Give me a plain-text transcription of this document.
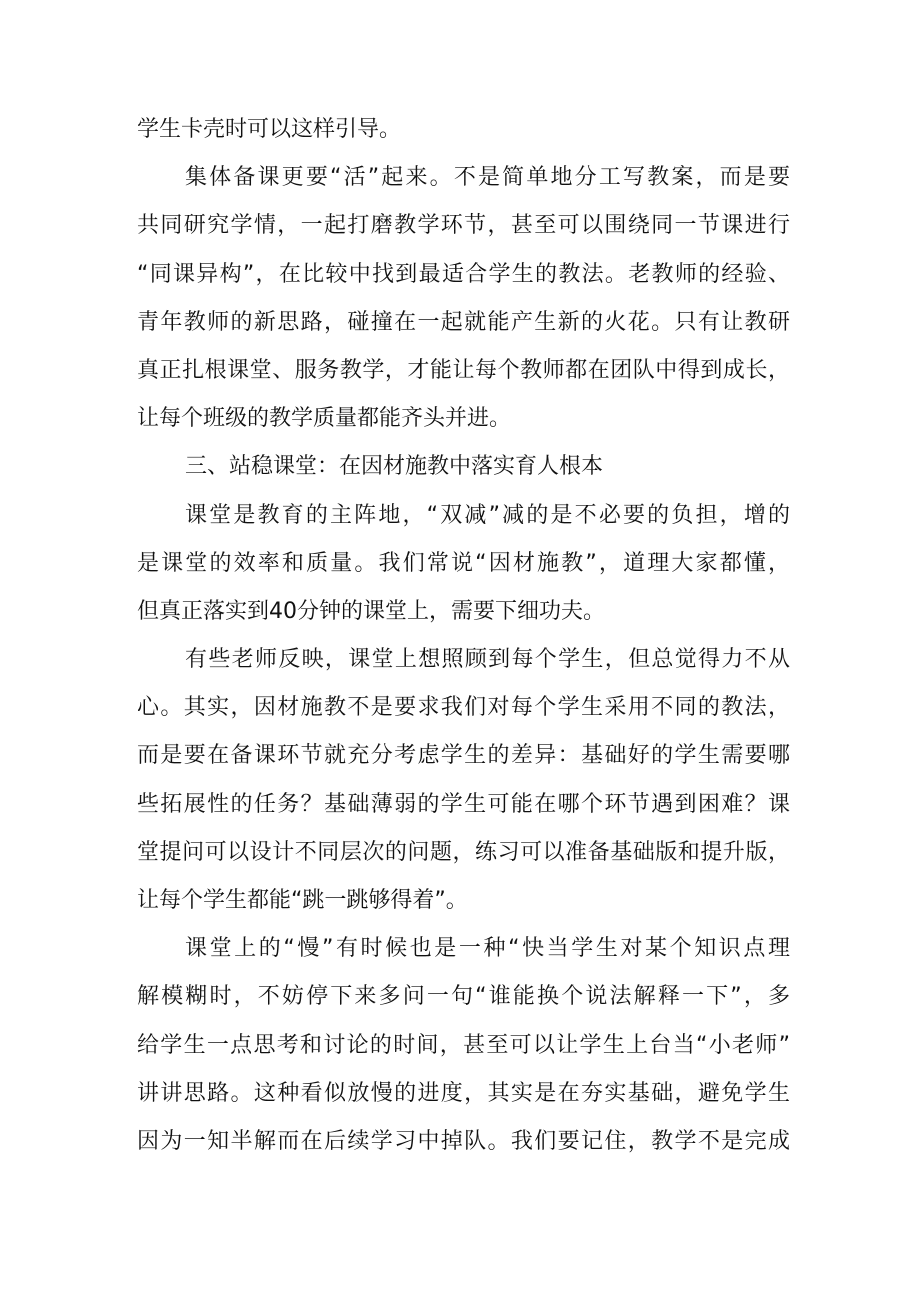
学生卡壳时可以这样引导。
集体备课更要“活”起来。不是简单地分工写教案，而是要
共同研究学情，一起打磨教学环节，甚至可以围绕同一节课进行
“同课异构”，在比较中找到最适合学生的教法。老教师的经验、
青年教师的新思路，碰撞在一起就能产生新的火花。只有让教研
真正扎根课堂、服务教学，才能让每个教师都在团队中得到成长，
让每个班级的教学质量都能齐头并进。
三、站稳课堂：在因材施教中落实育人根本
课堂是教育的主阵地，“双减”减的是不必要的负担，增的
是课堂的效率和质量。我们常说“因材施教”，道理大家都懂，
但真正落实到40分钟的课堂上，需要下细功夫。
有些老师反映，课堂上想照顾到每个学生，但总觉得力不从
心。其实，因材施教不是要求我们对每个学生采用不同的教法，
而是要在备课环节就充分考虑学生的差异：基础好的学生需要哪
些拓展性的任务？基础薄弱的学生可能在哪个环节遇到困难？课
堂提问可以设计不同层次的问题，练习可以准备基础版和提升版，
让每个学生都能“跳一跳够得着”。
课堂上的“慢”有时候也是一种“快当学生对某个知识点理
解模糊时，不妨停下来多问一句“谁能换个说法解释一下”，多
给学生一点思考和讨论的时间，甚至可以让学生上台当“小老师”
讲讲思路。这种看似放慢的进度，其实是在夯实基础，避免学生
因为一知半解而在后续学习中掉队。我们要记住，教学不是完成
